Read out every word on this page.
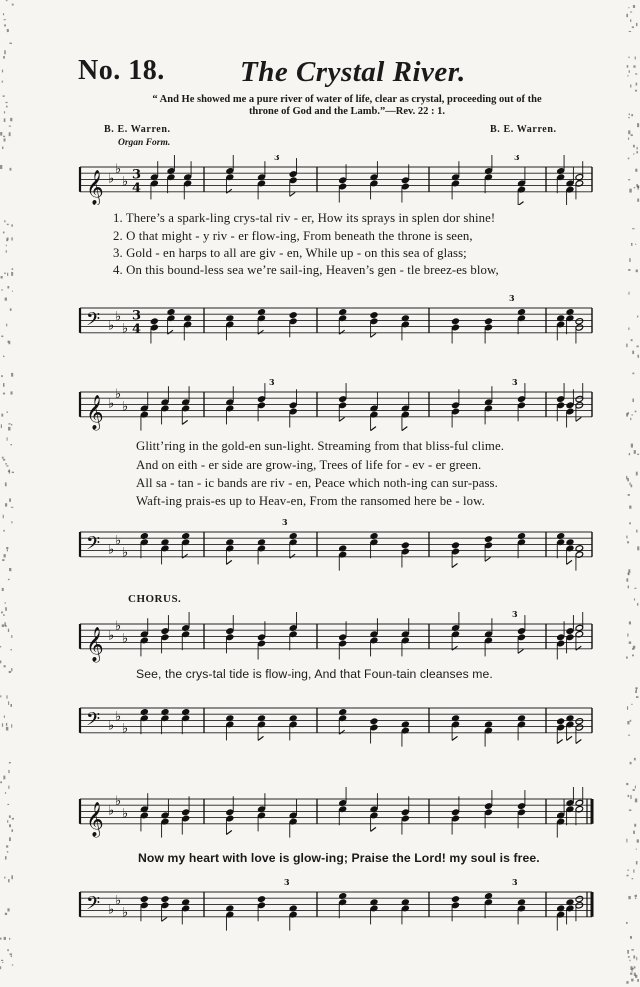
No. 18.	The Crystal River.
“ And He showed me a pure river of water of life, clear as crystal, proceeding out of the
throne of God and the Lamb.”—Rev. 22 : 1.
B. E. Warren.	B. E. Warren.
Organ Form.
𝄞 ♭
♭
♭ 3
4
3	3
1. There’s a spark-ling crys-tal riv - er, How its sprays in splen dor shine!
2. O that might - y riv - er flow-ing, From beneath the throne is seen,
3. Gold - en harps to all are giv - en, While up - on this sea of glass;
4. On this bound-less sea we’re sail-ing, Heaven’s gen - tle breez-es blow,
𝄢 ♭
♭
♭
3
4
3
𝄞 ♭
♭
♭
3	3
Glitt’ring in the gold-en sun-light. Streaming from that bliss-ful clime.
And on eith - er side are grow-ing, Trees of life for - ev - er green.
All sa - tan - ic bands are riv - en, Peace which noth-ing can sur-pass.
Waft-ing prais-es up to Heav-en, From the ransomed here be - low.
𝄢 ♭
♭
♭
3
CHORUS.
𝄞 ♭
♭
♭
3
See, the crys-tal tide is flow-ing, And that Foun-tain cleanses me.
𝄢 ♭
♭
♭
𝄞 ♭
♭
♭
Now my heart with love is glow-ing; Praise the Lord! my soul is free.
𝄢 ♭
♭
♭
3	3
